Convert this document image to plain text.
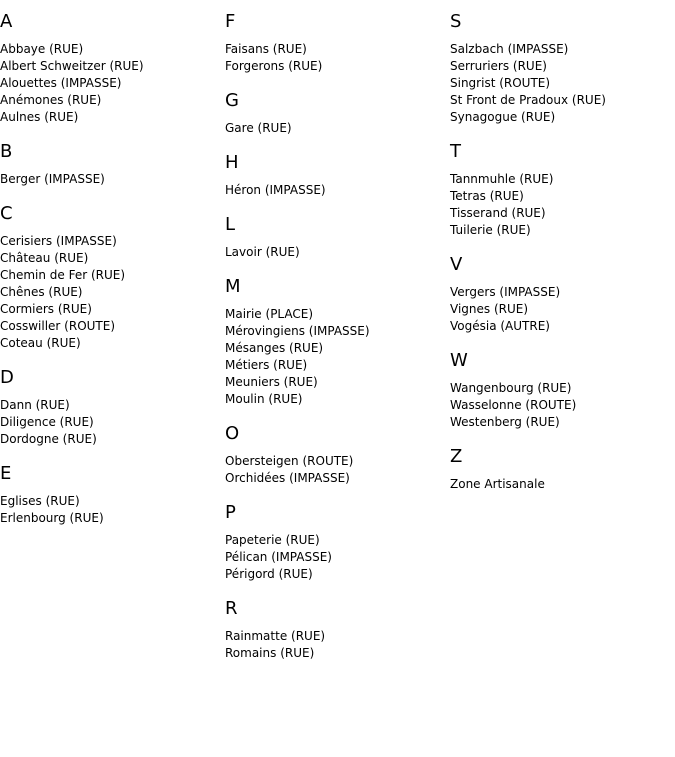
A
Abbaye (RUE)
Albert Schweitzer (RUE)
Alouettes (IMPASSE)
Anémones (RUE)
Aulnes (RUE)
B
Berger (IMPASSE)
C
Cerisiers (IMPASSE)
Château (RUE)
Chemin de Fer (RUE)
Chênes (RUE)
Cormiers (RUE)
Cosswiller (ROUTE)
Coteau (RUE)
D
Dann (RUE)
Diligence (RUE)
Dordogne (RUE)
E
Eglises (RUE)
Erlenbourg (RUE)
F
Faisans (RUE)
Forgerons (RUE)
G
Gare (RUE)
H
Héron (IMPASSE)
L
Lavoir (RUE)
M
Mairie (PLACE)
Mérovingiens (IMPASSE)
Mésanges (RUE)
Métiers (RUE)
Meuniers (RUE)
Moulin (RUE)
O
Obersteigen (ROUTE)
Orchidées (IMPASSE)
P
Papeterie (RUE)
Pélican (IMPASSE)
Périgord (RUE)
R
Rainmatte (RUE)
Romains (RUE)
S
Salzbach (IMPASSE)
Serruriers (RUE)
Singrist (ROUTE)
St Front de Pradoux (RUE)
Synagogue (RUE)
T
Tannmuhle (RUE)
Tetras (RUE)
Tisserand (RUE)
Tuilerie (RUE)
V
Vergers (IMPASSE)
Vignes (RUE)
Vogésia (AUTRE)
W
Wangenbourg (RUE)
Wasselonne (ROUTE)
Westenberg (RUE)
Z
Zone Artisanale
